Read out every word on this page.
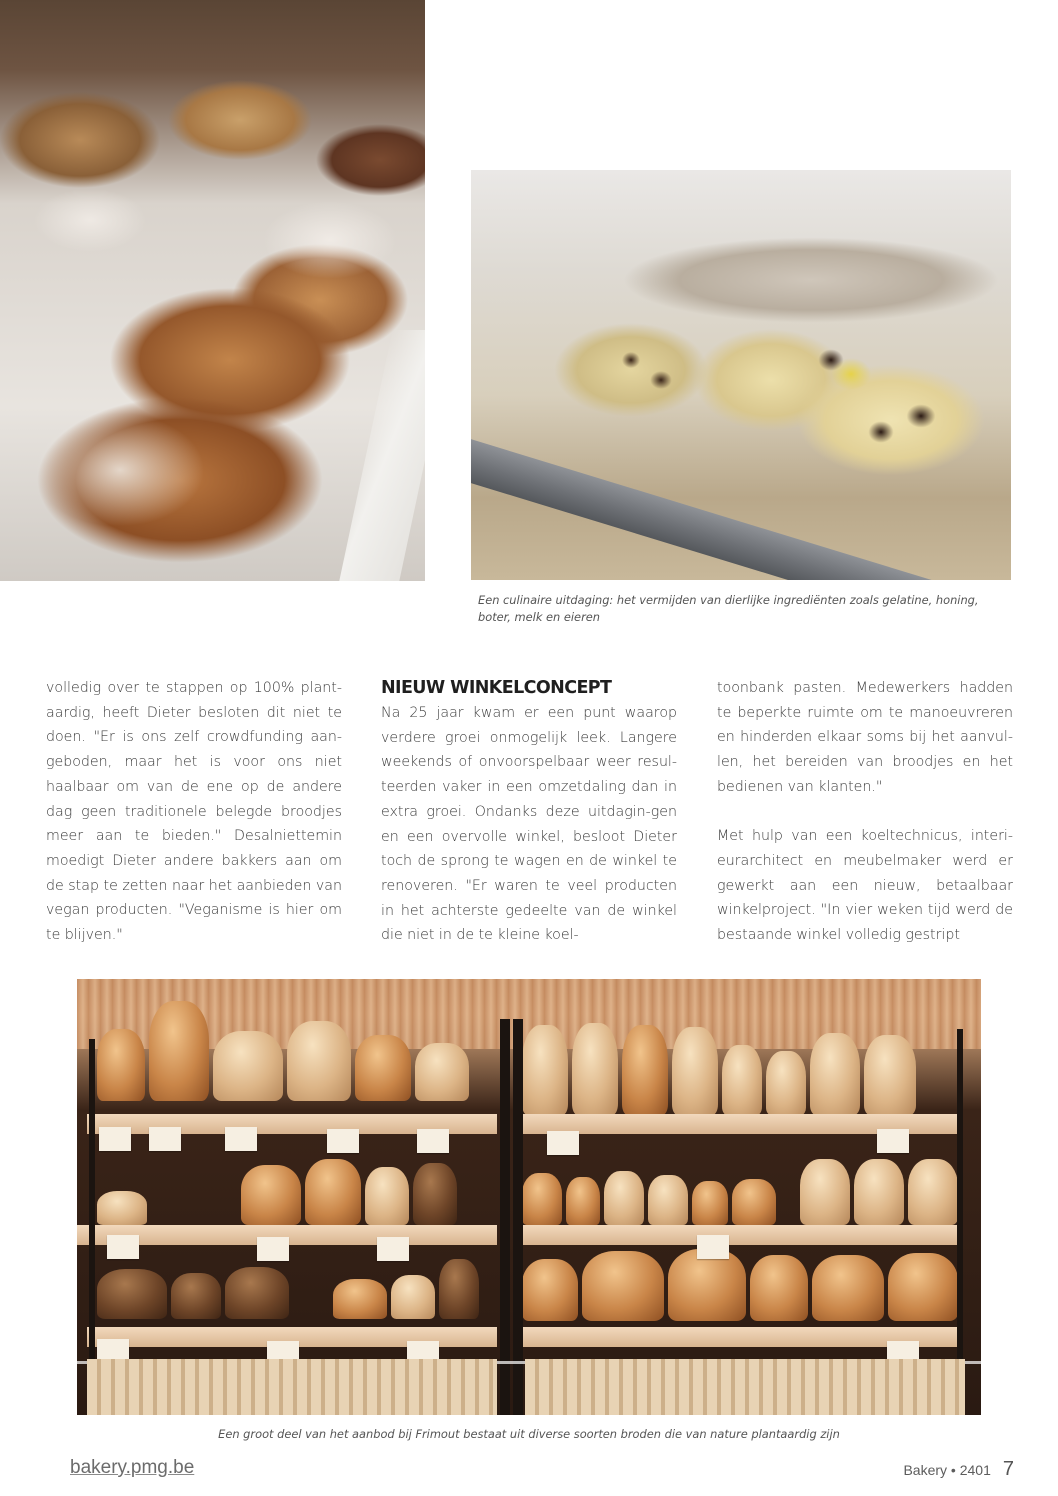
Een culinaire uitdaging: het vermijden van dierlijke ingrediënten zoals gelatine, honing, boter, melk en eieren

volledig over te stappen op 100% plant-aardig, heeft Dieter besloten dit niet te doen. "Er is ons zelf crowdfunding aan-geboden, maar het is voor ons niet haalbaar om van de ene op de andere dag geen traditionele belegde broodjes meer aan te bieden." Desalniettemin moedigt Dieter andere bakkers aan om de stap te zetten naar het aanbieden van vegan producten. "Veganisme is hier om te blijven."

NIEUW WINKELCONCEPT

Na 25 jaar kwam er een punt waarop verdere groei onmogelijk leek. Langere weekends of onvoorspelbaar weer resul-teerden vaker in een omzetdaling dan in extra groei. Ondanks deze uitdagin-gen en een overvolle winkel, besloot Dieter toch de sprong te wagen en de winkel te renoveren. "Er waren te veel producten in het achterste gedeelte van de winkel die niet in de te kleine koel-

toonbank pasten. Medewerkers hadden te beperkte ruimte om te manoeuvreren en hinderden elkaar soms bij het aanvul-len, het bereiden van broodjes en het bedienen van klanten."

Met hulp van een koeltechnicus, interi-eurarchitect en meubelmaker werd er gewerkt aan een nieuw, betaalbaar winkelproject. "In vier weken tijd werd de bestaande winkel volledig gestript

Een groot deel van het aanbod bij Frimout bestaat uit diverse soorten broden die van nature plantaardig zijn
bakery.pmg.be	Bakery • 2401 7
